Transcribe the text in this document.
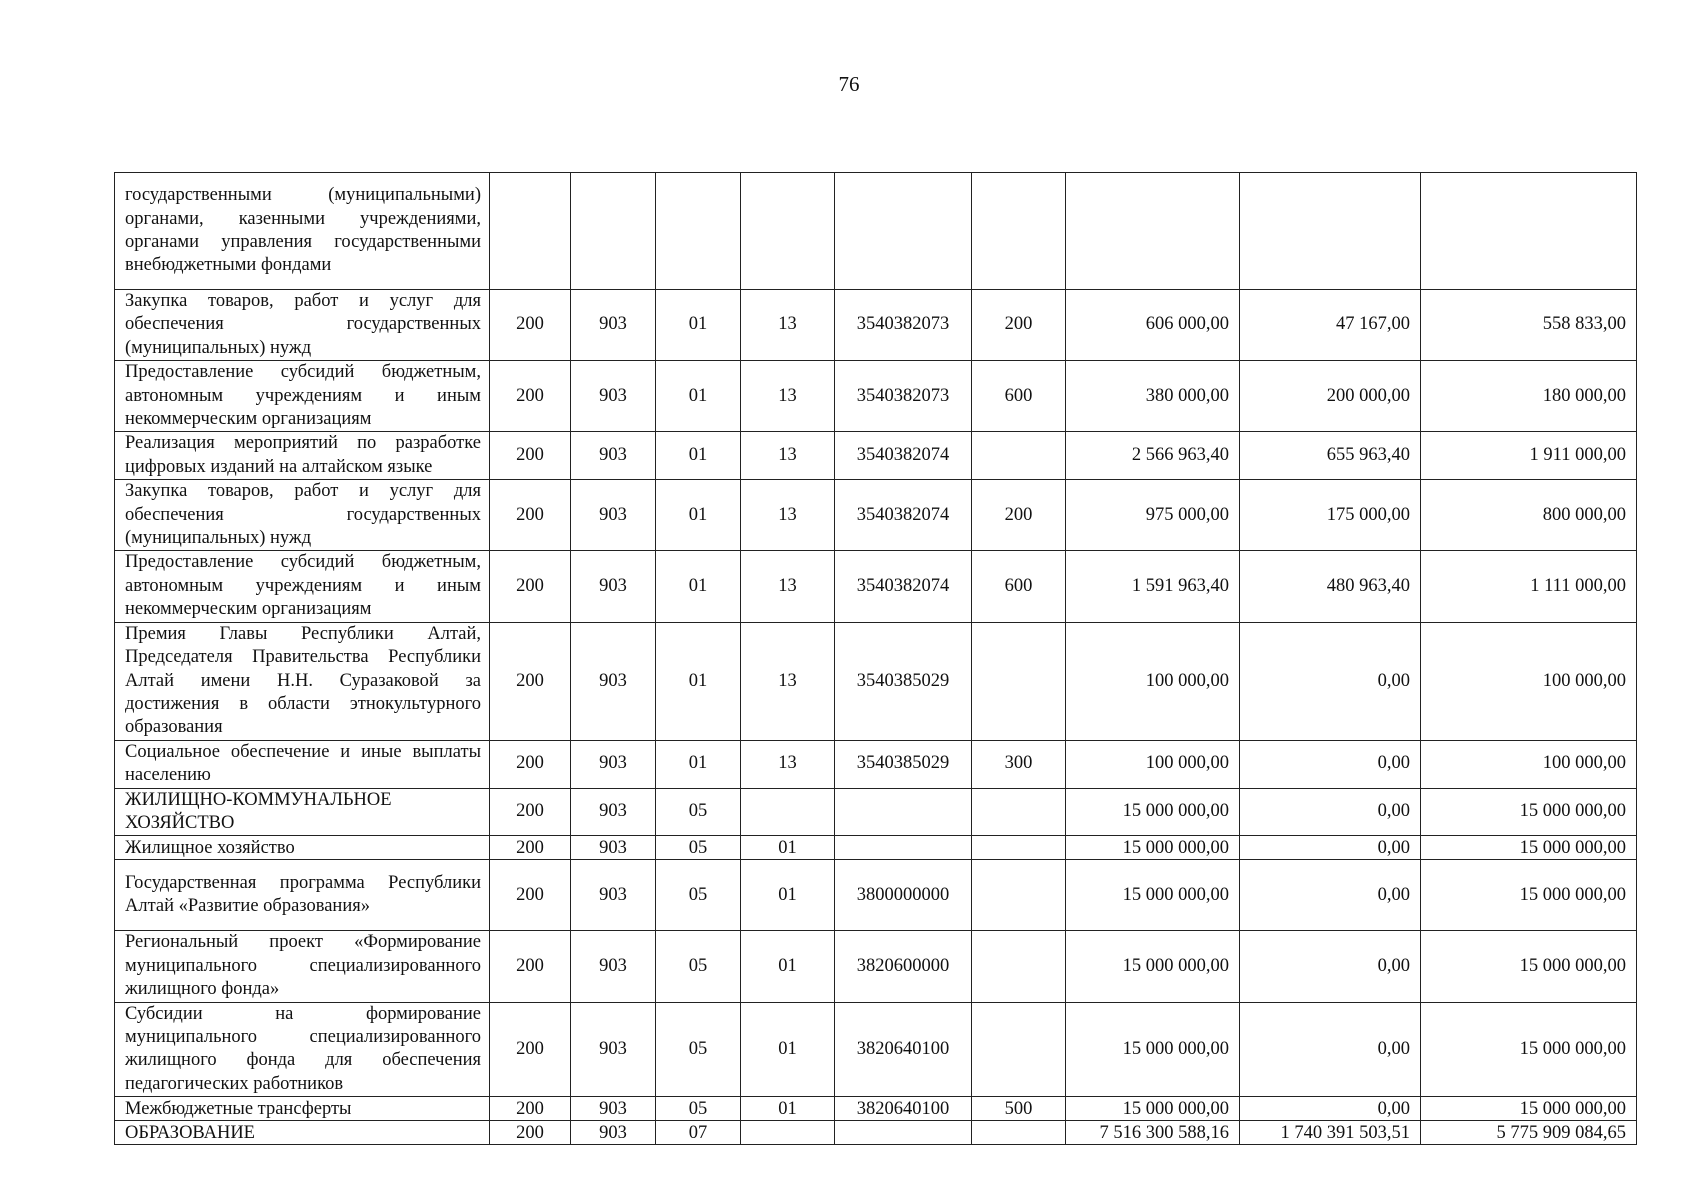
76
государственными (муниципальными) органами, казенными учреждениями, органами управления государственными внебюджетными фондами									
Закупка товаров, работ и услуг для обеспечения государственных (муниципальных) нужд	200	903	01	13	3540382073	200	606 000,00	47 167,00	558 833,00
Предоставление субсидий бюджетным, автономным учреждениям и иным некоммерческим организациям	200	903	01	13	3540382073	600	380 000,00	200 000,00	180 000,00
Реализация мероприятий по разработке цифровых изданий на алтайском языке	200	903	01	13	3540382074		2 566 963,40	655 963,40	1 911 000,00
Закупка товаров, работ и услуг для обеспечения государственных (муниципальных) нужд	200	903	01	13	3540382074	200	975 000,00	175 000,00	800 000,00
Предоставление субсидий бюджетным, автономным учреждениям и иным некоммерческим организациям	200	903	01	13	3540382074	600	1 591 963,40	480 963,40	1 111 000,00
Премия Главы Республики Алтай, Председателя Правительства Республики Алтай имени Н.Н. Суразаковой за достижения в области этнокультурного образования	200	903	01	13	3540385029		100 000,00	0,00	100 000,00
Социальное обеспечение и иные выплаты населению	200	903	01	13	3540385029	300	100 000,00	0,00	100 000,00
ЖИЛИЩНО-КОММУНАЛЬНОЕ ХОЗЯЙСТВО	200	903	05				15 000 000,00	0,00	15 000 000,00
Жилищное хозяйство	200	903	05	01			15 000 000,00	0,00	15 000 000,00
Государственная программа Республики Алтай «Развитие образования»	200	903	05	01	3800000000		15 000 000,00	0,00	15 000 000,00
Региональный проект «Формирование муниципального специализированного жилищного фонда»	200	903	05	01	3820600000		15 000 000,00	0,00	15 000 000,00
Субсидии на формирование муниципального специализированного жилищного фонда для обеспечения педагогических работников	200	903	05	01	3820640100		15 000 000,00	0,00	15 000 000,00
Межбюджетные трансферты	200	903	05	01	3820640100	500	15 000 000,00	0,00	15 000 000,00
ОБРАЗОВАНИЕ	200	903	07				7 516 300 588,16	1 740 391 503,51	5 775 909 084,65
